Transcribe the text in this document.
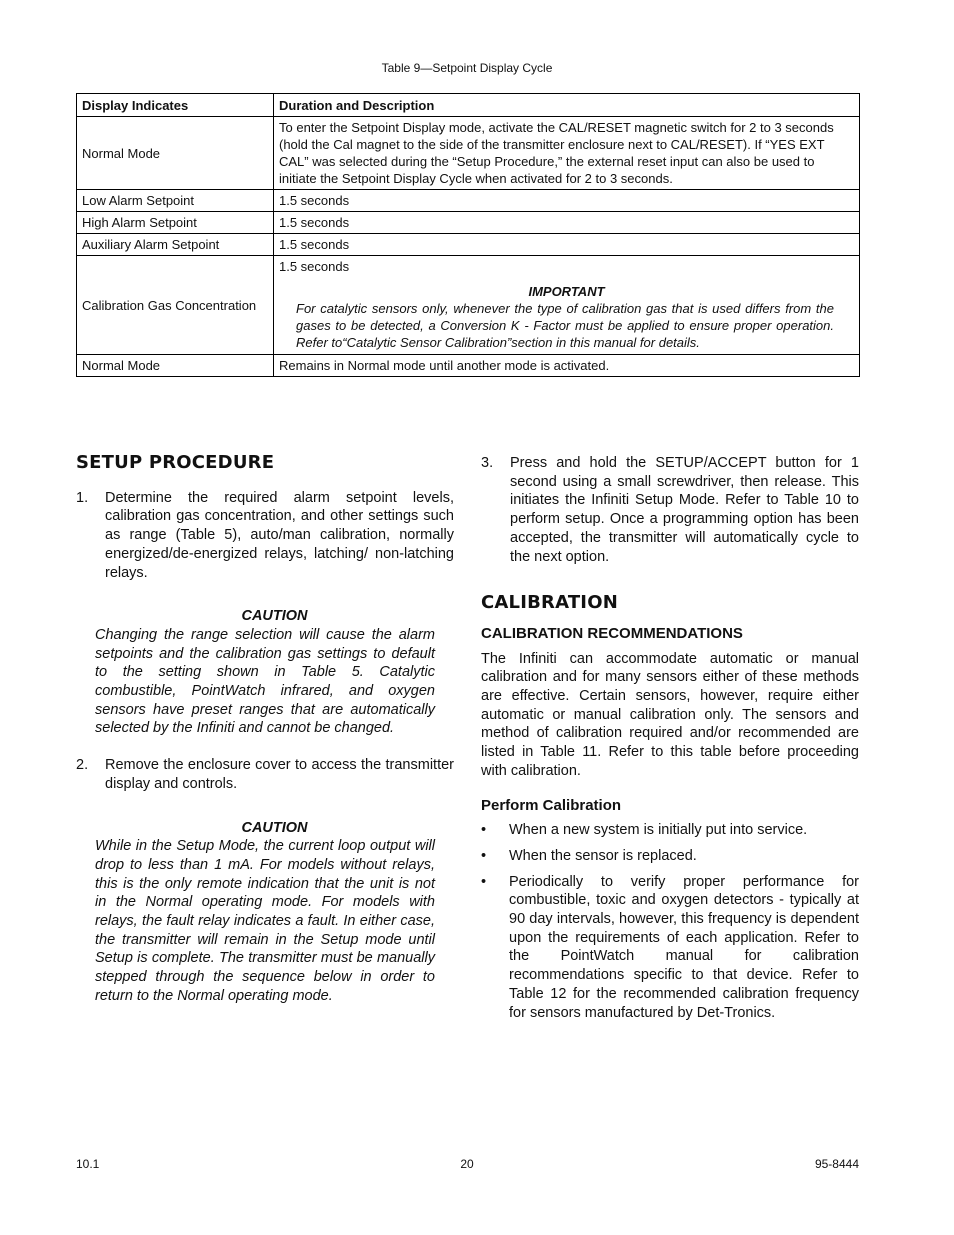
Table 9—Setpoint Display Cycle
Display Indicates	Duration and Description
Normal Mode	To enter the Setpoint Display mode, activate the CAL/RESET magnetic switch for 2 to 3 seconds (hold the Cal magnet to the side of the transmitter enclosure next to CAL/RESET). If “YES EXT CAL” was selected during the “Setup Procedure,” the external reset input can also be used to initiate the Setpoint Display Cycle when activated for 2 to 3 seconds.
Low Alarm Setpoint	1.5 seconds
High Alarm Setpoint	1.5 seconds
Auxiliary Alarm Setpoint	1.5 seconds
Calibration Gas Concentration	1.5 seconds
IMPORTANT
For catalytic sensors only, whenever the type of calibration gas that is used differs from the gases to be detected, a Conversion K - Factor must be applied to ensure proper operation. Refer to“Catalytic Sensor Calibration”section in this manual for details.

Normal Mode	Remains in Normal mode until another mode is activated.
SETUP PROCEDURE
1. Determine the required alarm setpoint levels, calibration gas concentration, and other settings such as range (Table 5), auto/man calibration, normally energized/de-energized relays, latching/ non-latching relays.
CAUTION
Changing the range selection will cause the alarm setpoints and the calibration gas settings to default to the setting shown in Table 5. Catalytic combustible, PointWatch infrared, and oxygen sensors have preset ranges that are automatically selected by the Infiniti and cannot be changed.
2. Remove the enclosure cover to access the transmitter display and controls.
CAUTION
While in the Setup Mode, the current loop output will drop to less than 1 mA. For models without relays, this is the only remote indication that the unit is not in the Normal operating mode. For models with relays, the fault relay indicates a fault. In either case, the transmitter will remain in the Setup mode until Setup is complete. The transmitter must be manually stepped through the sequence below in order to return to the Normal operating mode.
3. Press and hold the SETUP/ACCEPT button for 1 second using a small screwdriver, then release. This initiates the Infiniti Setup Mode. Refer to Table 10 to perform setup. Once a programming option has been accepted, the transmitter will automatically cycle to the next option.
CALIBRATION
CALIBRATION RECOMMENDATIONS
The Infiniti can accommodate automatic or manual calibration and for many sensors either of these methods are effective. Certain sensors, however, require either automatic or manual calibration only. The sensors and method of calibration required and/or recommended are listed in Table 11. Refer to this table before proceeding with calibration.
Perform Calibration
• When a new system is initially put into service.
• When the sensor is replaced.
• Periodically to verify proper performance for combustible, toxic and oxygen detectors - typically at 90 day intervals, however, this frequency is dependent upon the requirements of each application. Refer to the PointWatch manual for calibration recommendations specific to that device. Refer to Table 12 for the recommended calibration frequency for sensors manufactured by Det-Tronics.
10.1	20	95-8444
